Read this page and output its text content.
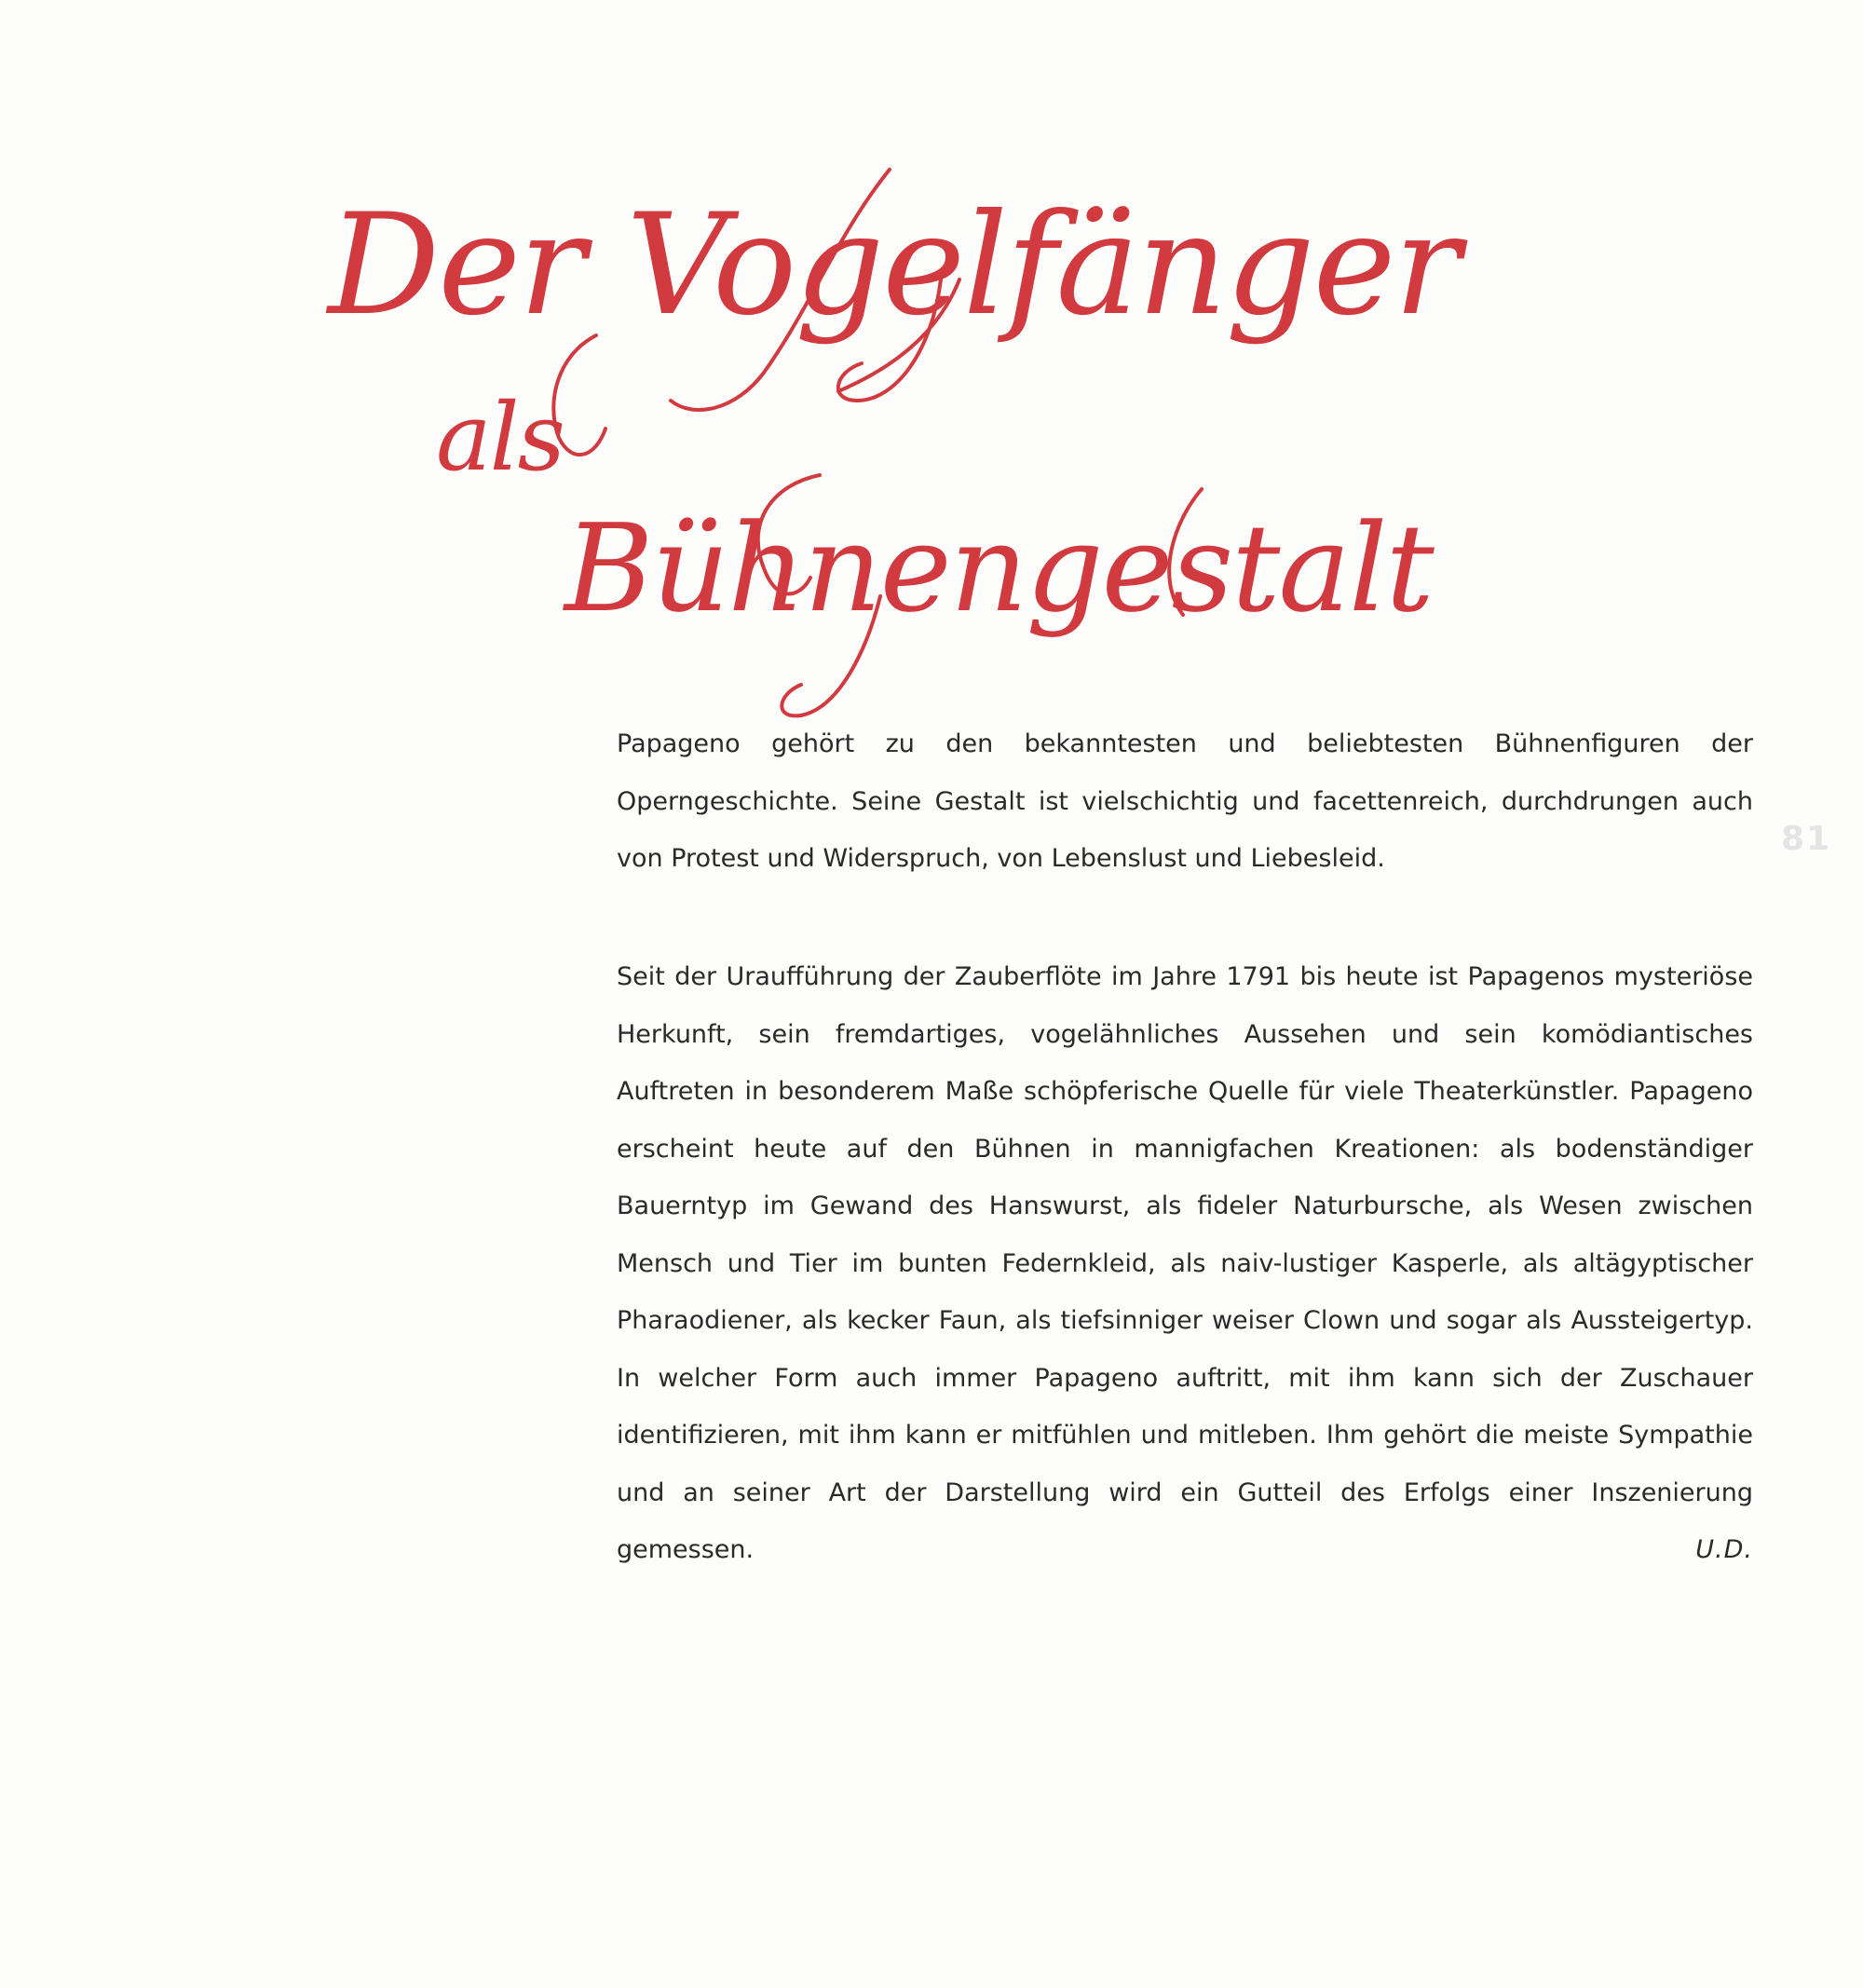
Der Vogelfänger
als
Bühnengestalt
81

Papageno gehört zu den bekanntesten und beliebtesten Bühnenfiguren der Operngeschichte. Seine Gestalt ist vielschichtig und facettenreich, durchdrungen auch von Protest und Widerspruch, von Lebenslust und Liebesleid.

Seit der Uraufführung der Zauberflöte im Jahre 1791 bis heute ist Papagenos mysteriöse Herkunft, sein fremdartiges, vogelähnliches Aussehen und sein komödiantisches Auftreten in besonderem Maße schöpferische Quelle für viele Theaterkünstler. Papageno erscheint heute auf den Bühnen in mannigfachen Kreationen: als bodenständiger Bauerntyp im Gewand des Hanswurst, als fideler Naturbursche, als Wesen zwischen Mensch und Tier im bunten Federnkleid, als naiv-lustiger Kasperle, als altägyptischer Pharaodiener, als kecker Faun, als tiefsinniger weiser Clown und sogar als Aussteigertyp. In welcher Form auch immer Papageno auftritt, mit ihm kann sich der Zuschauer identifizieren, mit ihm kann er mitfühlen und mitleben. Ihm gehört die meiste Sympathie und an seiner Art der Darstellung wird ein Gutteil des Erfolgs einer Inszenierung gemessen.	U.D.
